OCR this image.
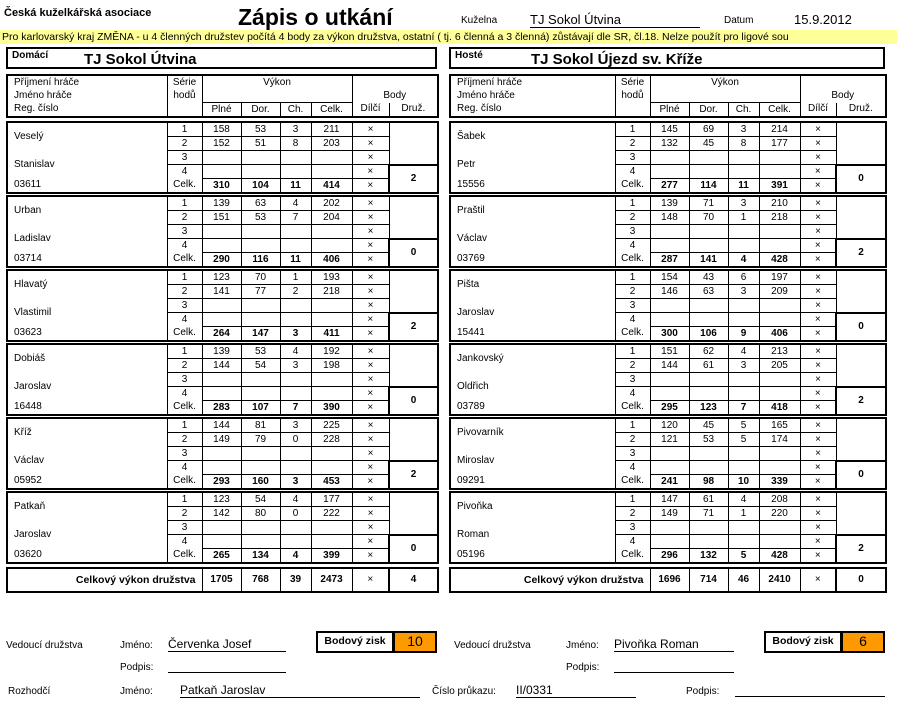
Česká kuželkářská asociace	Zápis o utkání	Kuželna	TJ Sokol Útvina	Datum	15.9.2012
Pro karlovarský kraj ZMĚNA - u 4 členných družstev počítá 4 body za výkon družstva, ostatní ( tj. 6 členná a 3 členná) zůstávají dle SR, čl.18. Nelze použít pro ligové sou
Domácí TJ Sokol Útvina	Hosté	TJ Sokol Újezd sv. Kříže
Příjmení hráče	Série	Výkon					
Jméno hráče	hodů					Body	
Reg. číslo		Plné	Dor.	Ch.	Celk.	Dílčí	Druž.

Veselý	1	158	53	3	211	×	
	2	152	51	8	203	×	
Stanislav	3					×	
	4					×	2
03611	Celk.	310	104	11	414	×	

Urban	1	139	63	4	202	×	
	2	151	53	7	204	×	
Ladislav	3					×	
	4					×	0
03714	Celk.	290	116	11	406	×	

Hlavatý	1	123	70	1	193	×	
	2	141	77	2	218	×	
Vlastimil	3					×	
	4					×	2
03623	Celk.	264	147	3	411	×	

Dobiáš	1	139	53	4	192	×	
	2	144	54	3	198	×	
Jaroslav	3					×	
	4					×	0
16448	Celk.	283	107	7	390	×	

Kříž	1	144	81	3	225	×	
	2	149	79	0	228	×	
Václav	3					×	
	4					×	2
05952	Celk.	293	160	3	453	×	

Patkaň	1	123	54	4	177	×	
	2	142	80	0	222	×	
Jaroslav	3					×	
	4					×	0
03620	Celk.	265	134	4	399	×	

Celkový výkon družstva		1705	768	39	2473	×	4
Příjmení hráče	Série	Výkon					
Jméno hráče	hodů					Body	
Reg. číslo		Plné	Dor.	Ch.	Celk.	Dílčí	Druž.

Šabek	1	145	69	3	214	×	
	2	132	45	8	177	×	
Petr	3					×	
	4					×	0
15556	Celk.	277	114	11	391	×	

Praštil	1	139	71	3	210	×	
	2	148	70	1	218	×	
Václav	3					×	
	4					×	2
03769	Celk.	287	141	4	428	×	

Pišta	1	154	43	6	197	×	
	2	146	63	3	209	×	
Jaroslav	3					×	
	4					×	0
15441	Celk.	300	106	9	406	×	

Jankovský	1	151	62	4	213	×	
	2	144	61	3	205	×	
Oldřich	3					×	
	4					×	2
03789	Celk.	295	123	7	418	×	

Pivovarník	1	120	45	5	165	×	
	2	121	53	5	174	×	
Miroslav	3					×	
	4					×	0
09291	Celk.	241	98	10	339	×	

Pivoňka	1	147	61	4	208	×	
	2	149	71	1	220	×	
Roman	3					×	
	4					×	2
05196	Celk.	296	132	5	428	×	

Celkový výkon družstva		1696	714	46	2410	×	0
Vedoucí družstva	Jméno: Červenka Josef	Bodový zisk	10
Podpis:
Vedoucí družstva	Jméno: Pivoňka Roman	Bodový zisk	6
Podpis:
Rozhodčí	Jméno: Patkaň Jaroslav	Číslo průkazu: II/0331	Podpis:
